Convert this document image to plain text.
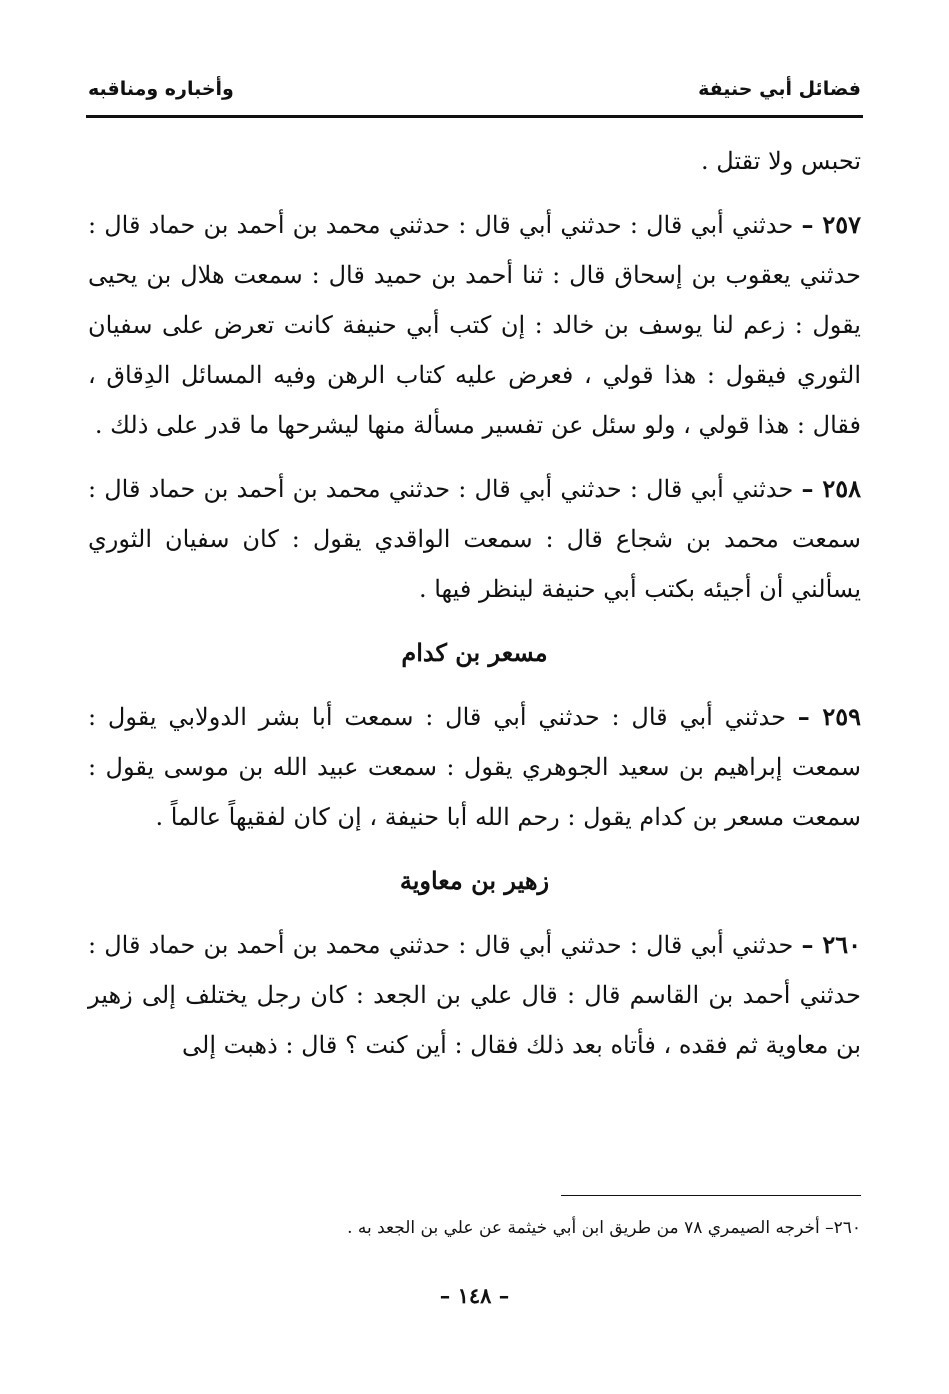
فضائل أبي حنيفة
وأخباره ومناقبه

تحبس ولا تقتل .

٢٥٧ – حدثني أبي قال : حدثني أبي قال : حدثني محمد بن أحمد بن حماد قال : حدثني يعقوب بن إسحاق قال : ثنا أحمد بن حميد قال : سمعت هلال بن يحيى يقول : زعم لنا يوسف بن خالد : إن كتب أبي حنيفة كانت تعرض على سفيان الثوري فيقول : هذا قولي ، فعرض عليه كتاب الرهن وفيه المسائل الدِقاق ، فقال : هذا قولي ، ولو سئل عن تفسير مسألة منها ليشرحها ما قدر على ذلك .

٢٥٨ – حدثني أبي قال : حدثني أبي قال : حدثني محمد بن أحمد بن حماد قال : سمعت محمد بن شجاع قال : سمعت الواقدي يقول : كان سفيان الثوري يسألني أن أجيئه بكتب أبي حنيفة لينظر فيها .

مسعر بن كدام

٢٥٩ – حدثني أبي قال : حدثني أبي قال : سمعت أبا بشر الدولابي يقول : سمعت إبراهيم بن سعيد الجوهري يقول : سمعت عبيد الله بن موسى يقول : سمعت مسعر بن كدام يقول : رحم الله أبا حنيفة ، إن كان لفقيهاً عالماً .

زهير بن معاوية

٢٦٠ – حدثني أبي قال : حدثني أبي قال : حدثني محمد بن أحمد بن حماد قال : حدثني أحمد بن القاسم قال : قال علي بن الجعد : كان رجل يختلف إلى زهير بن معاوية ثم فقده ، فأتاه بعد ذلك فقال : أين كنت ؟ قال : ذهبت إلى

٢٦٠– أخرجه الصيمري ٧٨ من طريق ابن أبي خيثمة عن علي بن الجعد به .
– ١٤٨ –
